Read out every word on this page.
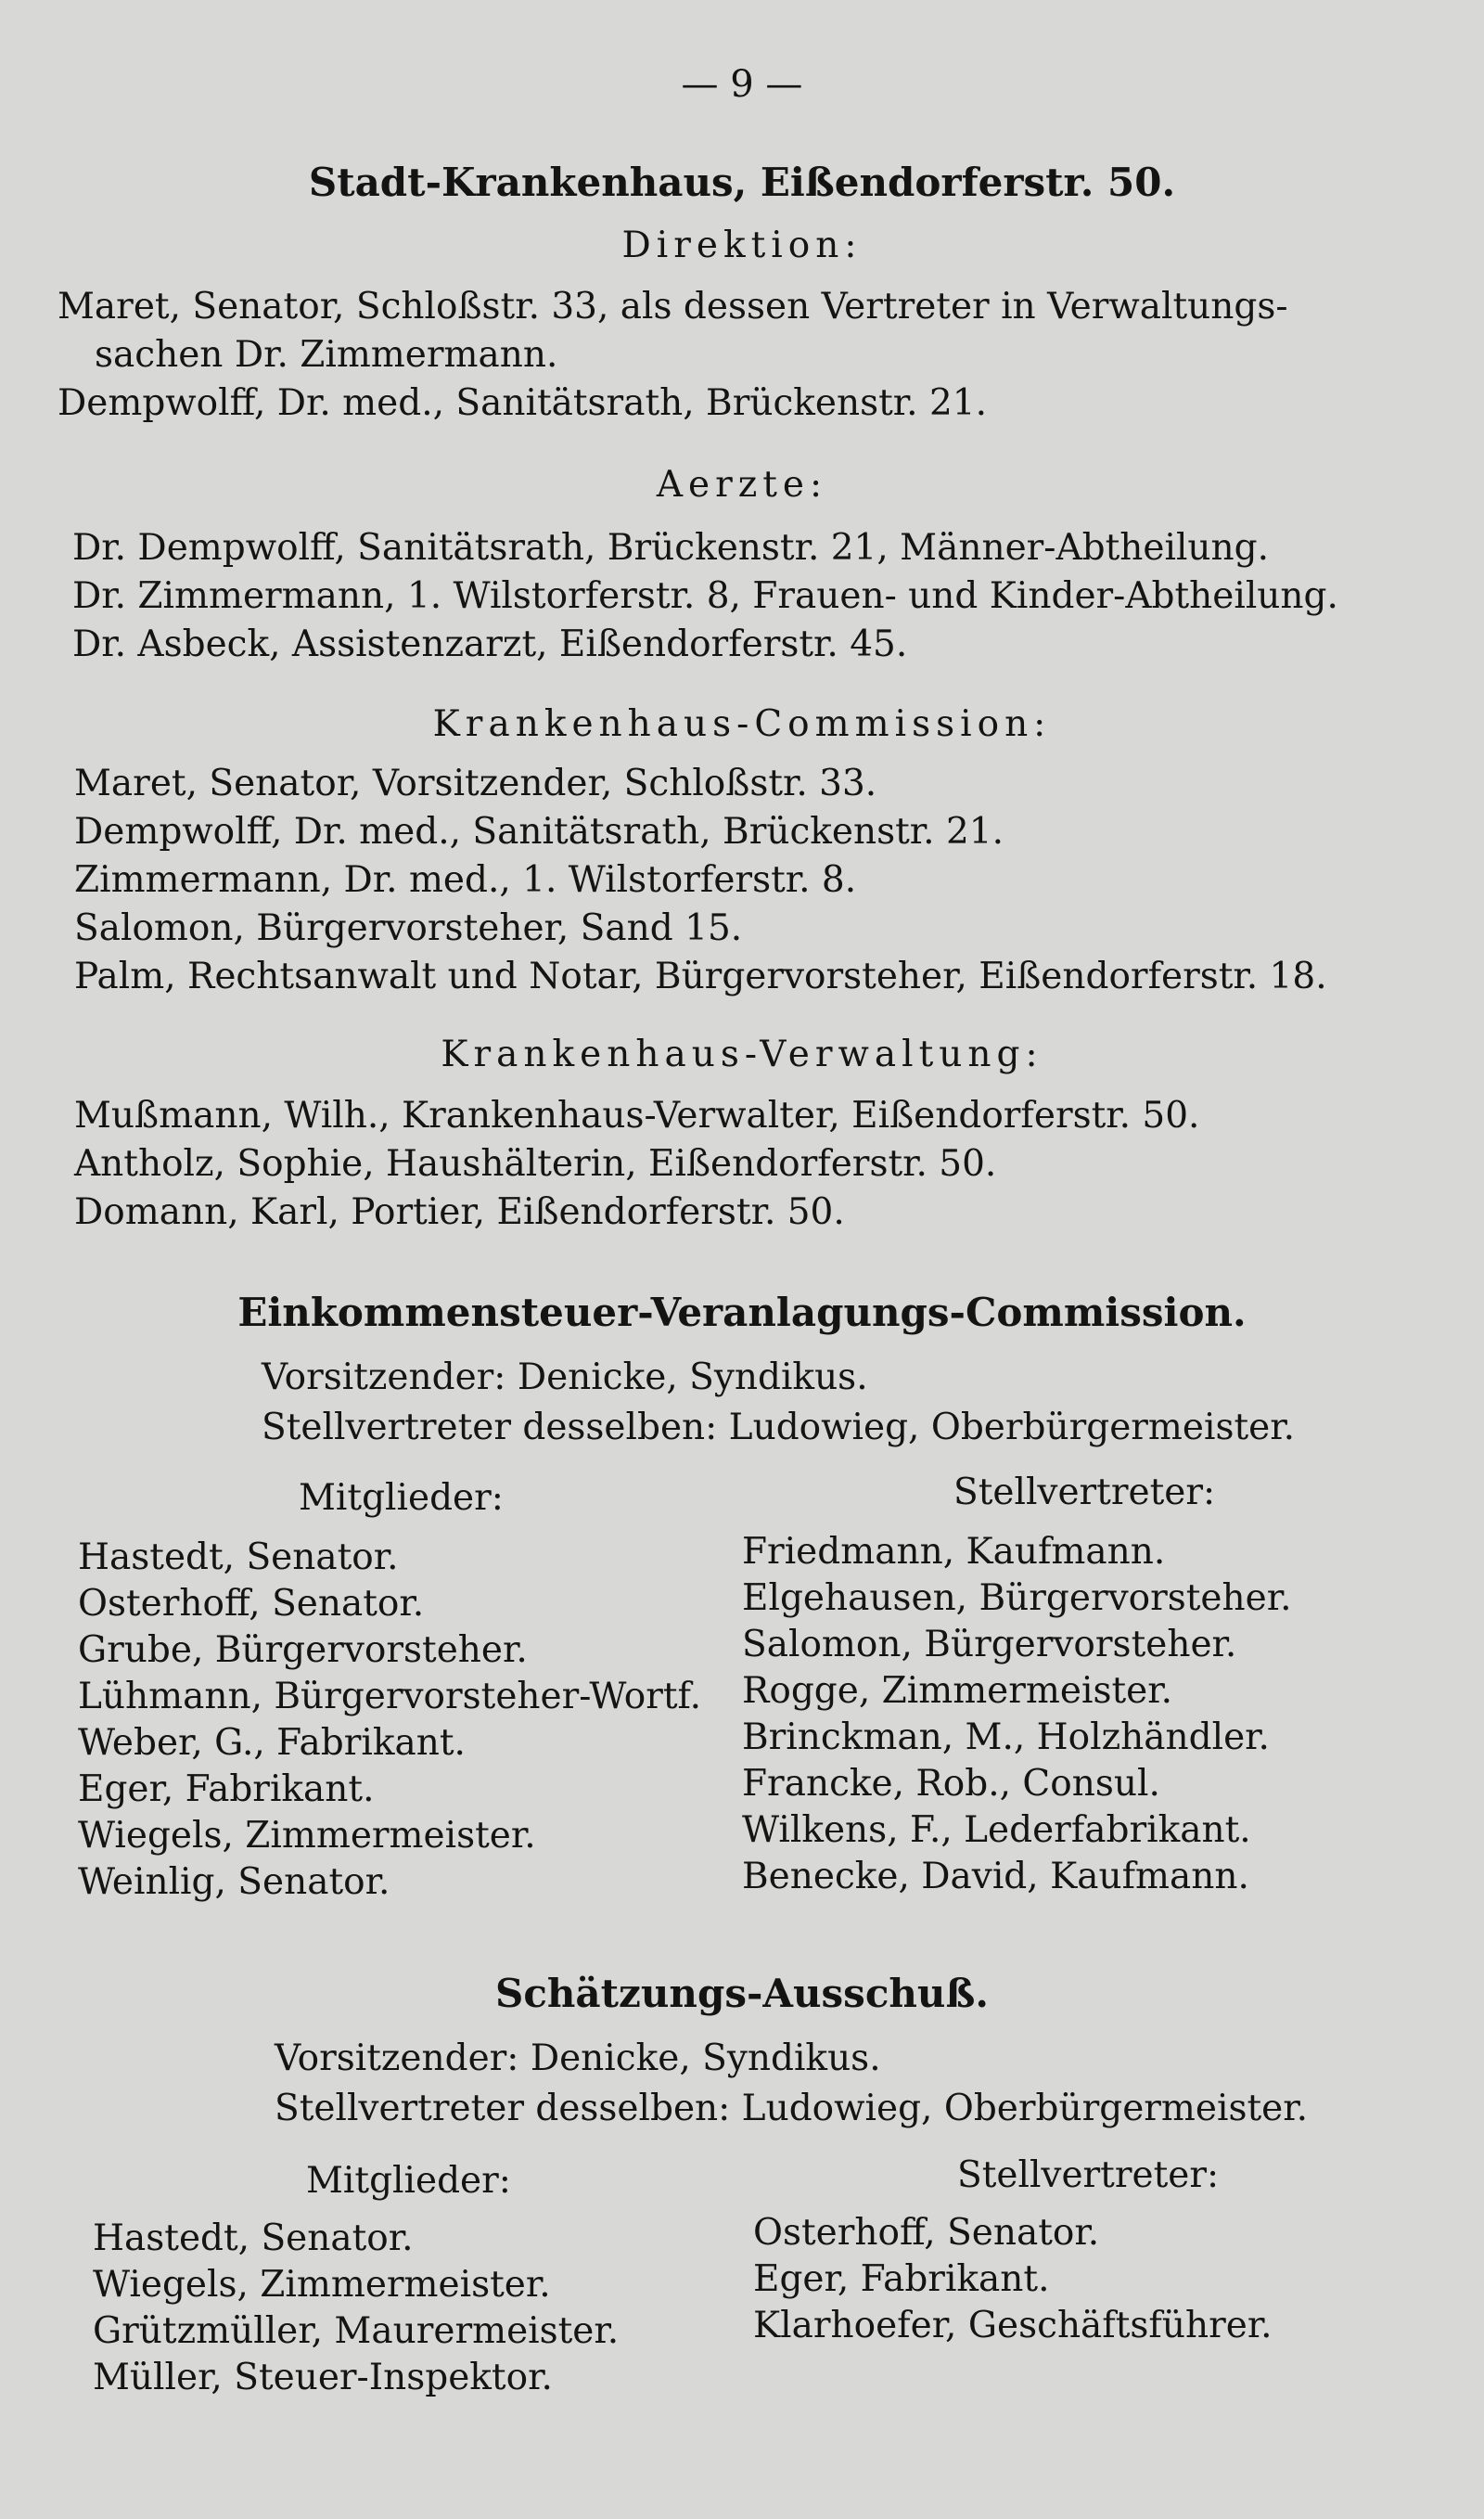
— 9 —
Stadt-Krankenhaus, Eißendorferstr. 50.
Direktion:
Maret, Senator, Schloßstr. 33, als dessen Vertreter in Verwaltungs-
sachen Dr. Zimmermann.
Dempwolff, Dr. med., Sanitätsrath, Brückenstr. 21.
Aerzte:
Dr. Dempwolff, Sanitätsrath, Brückenstr. 21, Männer-Abtheilung.
Dr. Zimmermann, 1. Wilstorferstr. 8, Frauen- und Kinder-Abtheilung.
Dr. Asbeck, Assistenzarzt, Eißendorferstr. 45.
Krankenhaus-Commission:
Maret, Senator, Vorsitzender, Schloßstr. 33.
Dempwolff, Dr. med., Sanitätsrath, Brückenstr. 21.
Zimmermann, Dr. med., 1. Wilstorferstr. 8.
Salomon, Bürgervorsteher, Sand 15.
Palm, Rechtsanwalt und Notar, Bürgervorsteher, Eißendorferstr. 18.
Krankenhaus-Verwaltung:
Mußmann, Wilh., Krankenhaus-Verwalter, Eißendorferstr. 50.
Antholz, Sophie, Haushälterin, Eißendorferstr. 50.
Domann, Karl, Portier, Eißendorferstr. 50.
Einkommensteuer-Veranlagungs-Commission.
Vorsitzender: Denicke, Syndikus.
Stellvertreter desselben: Ludowieg, Oberbürgermeister.
Mitglieder:	Stellvertreter:
Hastedt, Senator.
Osterhoff, Senator.
Grube, Bürgervorsteher.
Lühmann, Bürgervorsteher-Wortf.
Weber, G., Fabrikant.
Eger, Fabrikant.
Wiegels, Zimmermeister.
Weinlig, Senator.
Friedmann, Kaufmann.
Elgehausen, Bürgervorsteher.
Salomon, Bürgervorsteher.
Rogge, Zimmermeister.
Brinckman, M., Holzhändler.
Francke, Rob., Consul.
Wilkens, F., Lederfabrikant.
Benecke, David, Kaufmann.
Schätzungs-Ausschuß.
Vorsitzender: Denicke, Syndikus.
Stellvertreter desselben: Ludowieg, Oberbürgermeister.
Mitglieder:	Stellvertreter:
Hastedt, Senator.
Wiegels, Zimmermeister.
Grützmüller, Maurermeister.
Müller, Steuer-Inspektor.
Osterhoff, Senator.
Eger, Fabrikant.
Klarhoefer, Geschäftsführer.
